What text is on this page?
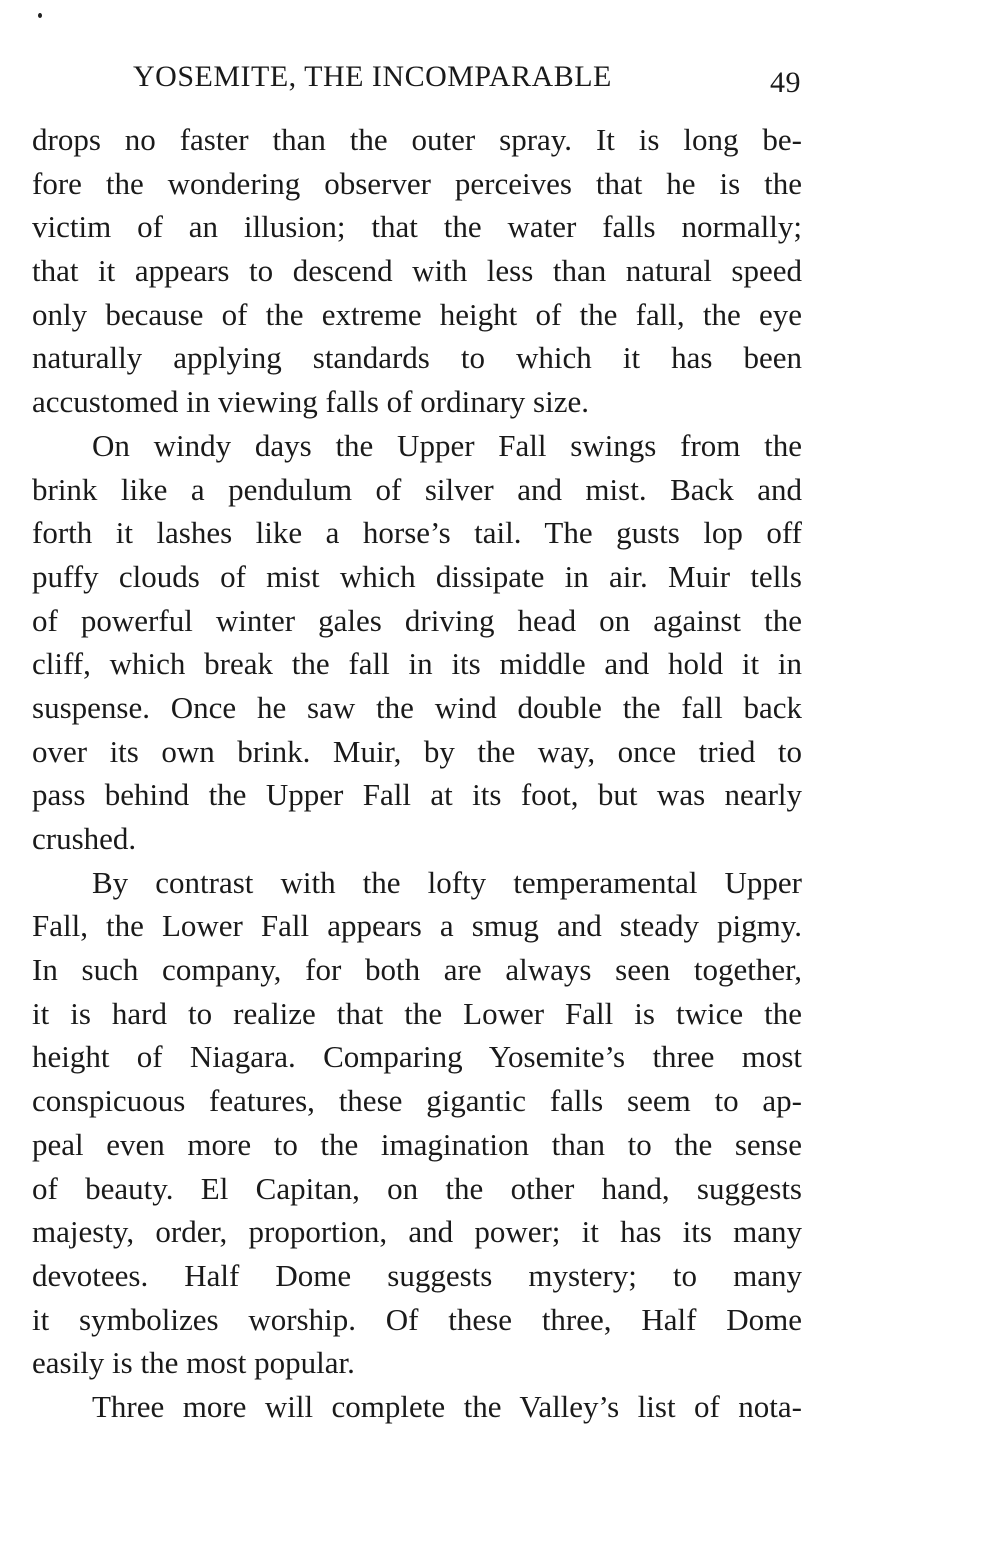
YOSEMITE, THE INCOMPARABLE	49
drops no faster than the outer spray. It is long be-
fore the wondering observer perceives that he is the
victim of an illusion; that the water falls normally;
that it appears to descend with less than natural speed
only because of the extreme height of the fall, the eye
naturally applying standards to which it has been
accustomed in viewing falls of ordinary size.
On windy days the Upper Fall swings from the
brink like a pendulum of silver and mist. Back and
forth it lashes like a horse’s tail. The gusts lop off
puffy clouds of mist which dissipate in air. Muir tells
of powerful winter gales driving head on against the
cliff, which break the fall in its middle and hold it in
suspense. Once he saw the wind double the fall back
over its own brink. Muir, by the way, once tried to
pass behind the Upper Fall at its foot, but was nearly
crushed.
By contrast with the lofty temperamental Upper
Fall, the Lower Fall appears a smug and steady pigmy.
In such company, for both are always seen together,
it is hard to realize that the Lower Fall is twice the
height of Niagara. Comparing Yosemite’s three most
conspicuous features, these gigantic falls seem to ap-
peal even more to the imagination than to the sense
of beauty. El Capitan, on the other hand, suggests
majesty, order, proportion, and power; it has its many
devotees. Half Dome suggests mystery; to many
it symbolizes worship. Of these three, Half Dome
easily is the most popular.
Three more will complete the Valley’s list of nota-
